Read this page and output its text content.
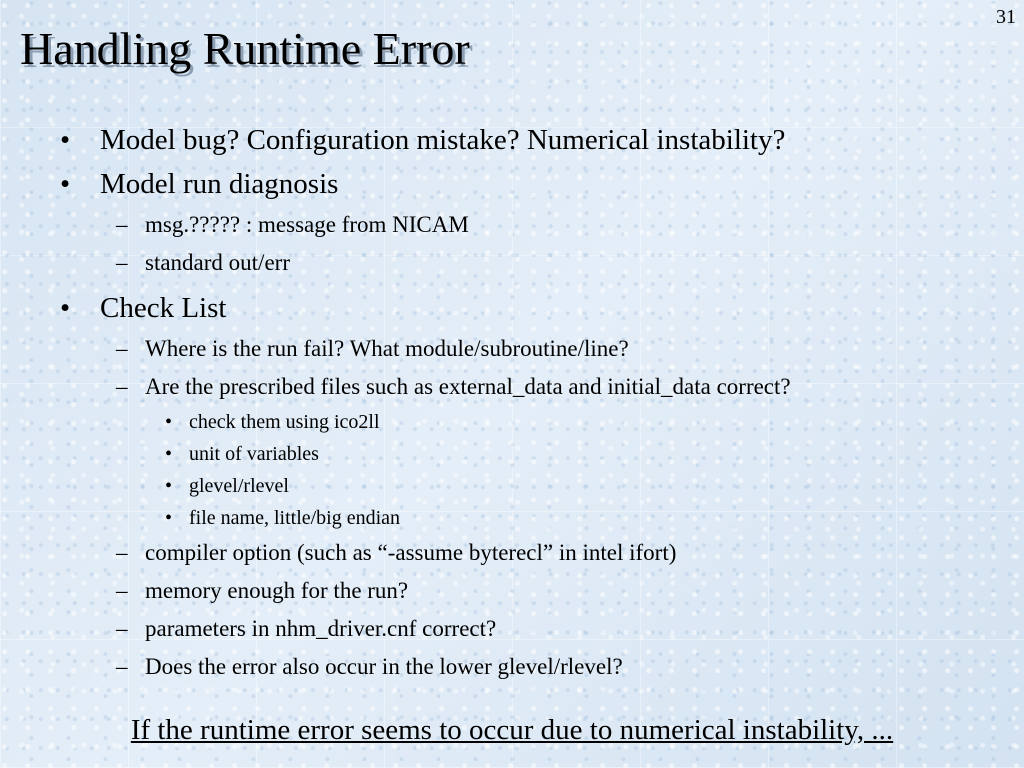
31
Handling Runtime Error
• Model bug? Configuration mistake? Numerical instability?
• Model run diagnosis
– msg.????? : message from NICAM
– standard out/err
• Check List
– Where is the run fail? What module/subroutine/line?
– Are the prescribed files such as external_data and initial_data correct?
• check them using ico2ll
• unit of variables
• glevel/rlevel
• file name, little/big endian
– compiler option (such as “-assume byterecl” in intel ifort)
– memory enough for the run?
– parameters in nhm_driver.cnf correct?
– Does the error also occur in the lower glevel/rlevel?
If the runtime error seems to occur due to numerical instability, ...
